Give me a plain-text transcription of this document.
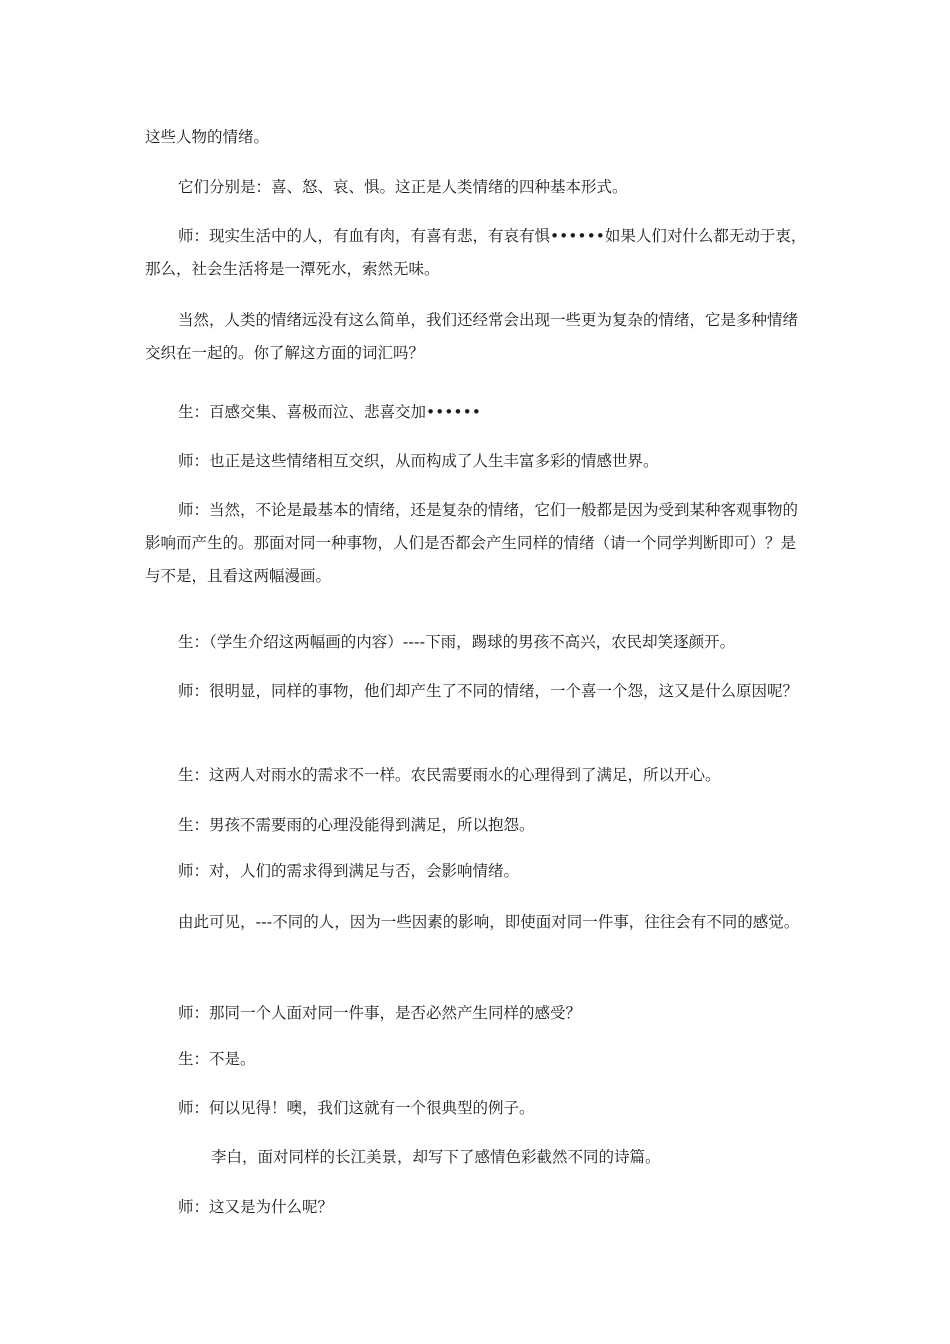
这些人物的情绪。

它们分别是：喜、怒、哀、惧。这正是人类情绪的四种基本形式。

师：现实生活中的人，有血有肉，有喜有悲，有哀有惧••••••如果人们对什么都无动于衷，那么，社会生活将是一潭死水，索然无味。

当然，人类的情绪远没有这么简单，我们还经常会出现一些更为复杂的情绪，它是多种情绪交织在一起的。你了解这方面的词汇吗？

生：百感交集、喜极而泣、悲喜交加••••••

师：也正是这些情绪相互交织，从而构成了人生丰富多彩的情感世界。

师：当然，不论是最基本的情绪，还是复杂的情绪，它们一般都是因为受到某种客观事物的影响而产生的。那面对同一种事物，人们是否都会产生同样的情绪（请一个同学判断即可）？是与不是，且看这两幅漫画。

生：（学生介绍这两幅画的内容）----下雨，踢球的男孩不高兴，农民却笑逐颜开。

师：很明显，同样的事物，他们却产生了不同的情绪，一个喜一个怨，这又是什么原因呢？

生：这两人对雨水的需求不一样。农民需要雨水的心理得到了满足，所以开心。

生：男孩不需要雨的心理没能得到满足，所以抱怨。

师：对，人们的需求得到满足与否，会影响情绪。

由此可见，---不同的人，因为一些因素的影响，即使面对同一件事，往往会有不同的感觉。

师：那同一个人面对同一件事，是否必然产生同样的感受？

生：不是。

师：何以见得！噢，我们这就有一个很典型的例子。

李白，面对同样的长江美景，却写下了感情色彩截然不同的诗篇。

师：这又是为什么呢？
